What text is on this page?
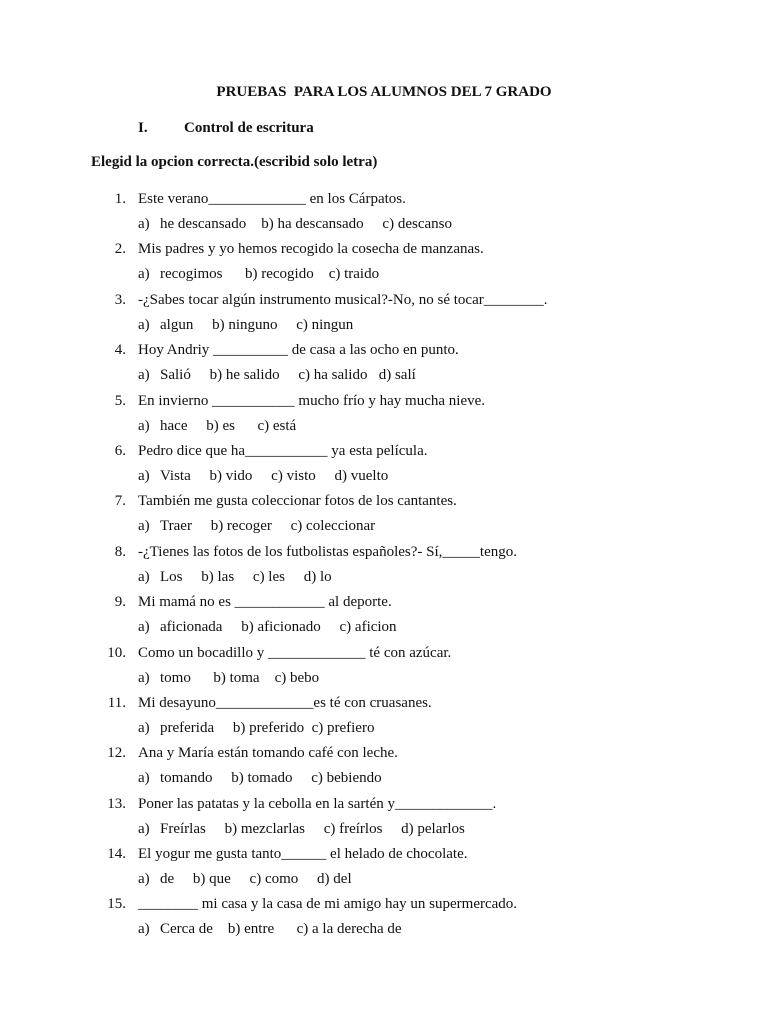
PRUEBAS  PARA LOS ALUMNOS DEL 7 GRADO
I. Control de escritura
Elegid la opcion correcta.(escribid solo letra)
1. Este verano_____________ en los Cárpatos.
a) he descansado    b) ha descansado     c) descanso
2. Mis padres y yo hemos recogido la cosecha de manzanas.
a) recogimos      b) recogido    c) traido
3. -¿Sabes tocar algún instrumento musical?-No, no sé tocar________.
a) algun     b) ninguno     c) ningun
4. Hoy Andriy __________ de casa a las ocho en punto.
a) Salió     b) he salido     c) ha salido   d) salí
5. En invierno ___________ mucho frío y hay mucha nieve.
a) hace     b) es      c) está
6. Pedro dice que ha___________ ya esta película.
a) Vista     b) vido     c) visto     d) vuelto
7. También me gusta coleccionar fotos de los cantantes.
a) Traer     b) recoger     c) coleccionar
8. -¿Tienes las fotos de los futbolistas españoles?- Sí,_____tengo.
a) Los     b) las     c) les     d) lo
9. Mi mamá no es ____________ al deporte.
a) aficionada     b) aficionado     c) aficion
10. Como un bocadillo y _____________ té con azúcar.
a) tomo      b) toma    c) bebo
11. Mi desayuno_____________es té con cruasanes.
a) preferida     b) preferido  c) prefiero
12. Ana y María están tomando café con leche.
a) tomando     b) tomado     c) bebiendo
13. Poner las patatas y la cebolla en la sartén y_____________.
a) Freírlas     b) mezclarlas     c) freírlos     d) pelarlos
14. El yogur me gusta tanto______ el helado de chocolate.
a) de     b) que     c) como     d) del
15. ________ mi casa y la casa de mi amigo hay un supermercado.
a) Cerca de    b) entre      c) a la derecha de
